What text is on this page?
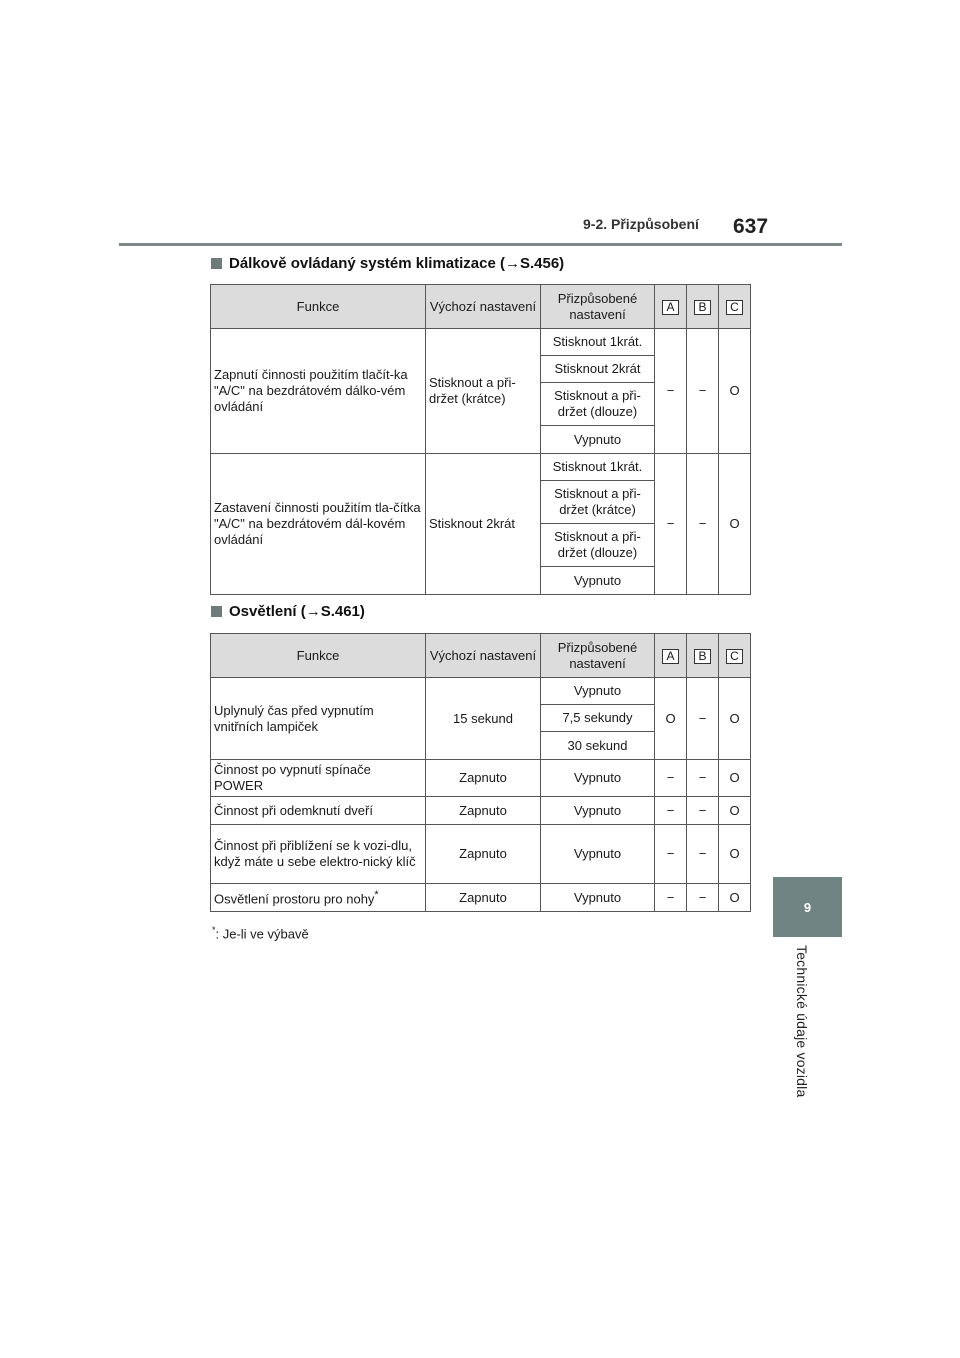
9-2. Přizpůsobení 637
9
Technické údaje vozidla
Dálkově ovládaný systém klimatizace (→S.456)
Funkce	Výchozí nastavení	Přizpůsobené nastavení	A	B	C
Zapnutí činnosti použitím tlačít-ka "A/C" na bezdrátovém dálko-vém ovládání	Stisknout a při-držet (krátce)	Stisknout 1krát.	−	−	O
		Stisknout 2krát			
		Stisknout a při-držet (dlouze)			
		Vypnuto			
Zastavení činnosti použitím tla-čítka "A/C" na bezdrátovém dál-kovém ovládání	Stisknout 2krát	Stisknout 1krát.	−	−	O
		Stisknout a při-držet (krátce)			
		Stisknout a při-držet (dlouze)			
		Vypnuto			
Osvětlení (→S.461)
Funkce	Výchozí nastavení	Přizpůsobené nastavení	A	B	C
Uplynulý čas před vypnutím vnitřních lampiček	15 sekund	Vypnuto	O	−	O
		7,5 sekundy			
		30 sekund			
Činnost po vypnutí spínače POWER	Zapnuto	Vypnuto	−	−	O
Činnost při odemknutí dveří	Zapnuto	Vypnuto	−	−	O
Činnost při přiblížení se k vozi-dlu, když máte u sebe elektro-nický klíč	Zapnuto	Vypnuto	−	−	O
Osvětlení prostoru pro nohy*	Zapnuto	Vypnuto	−	−	O
*: Je-li ve výbavě
